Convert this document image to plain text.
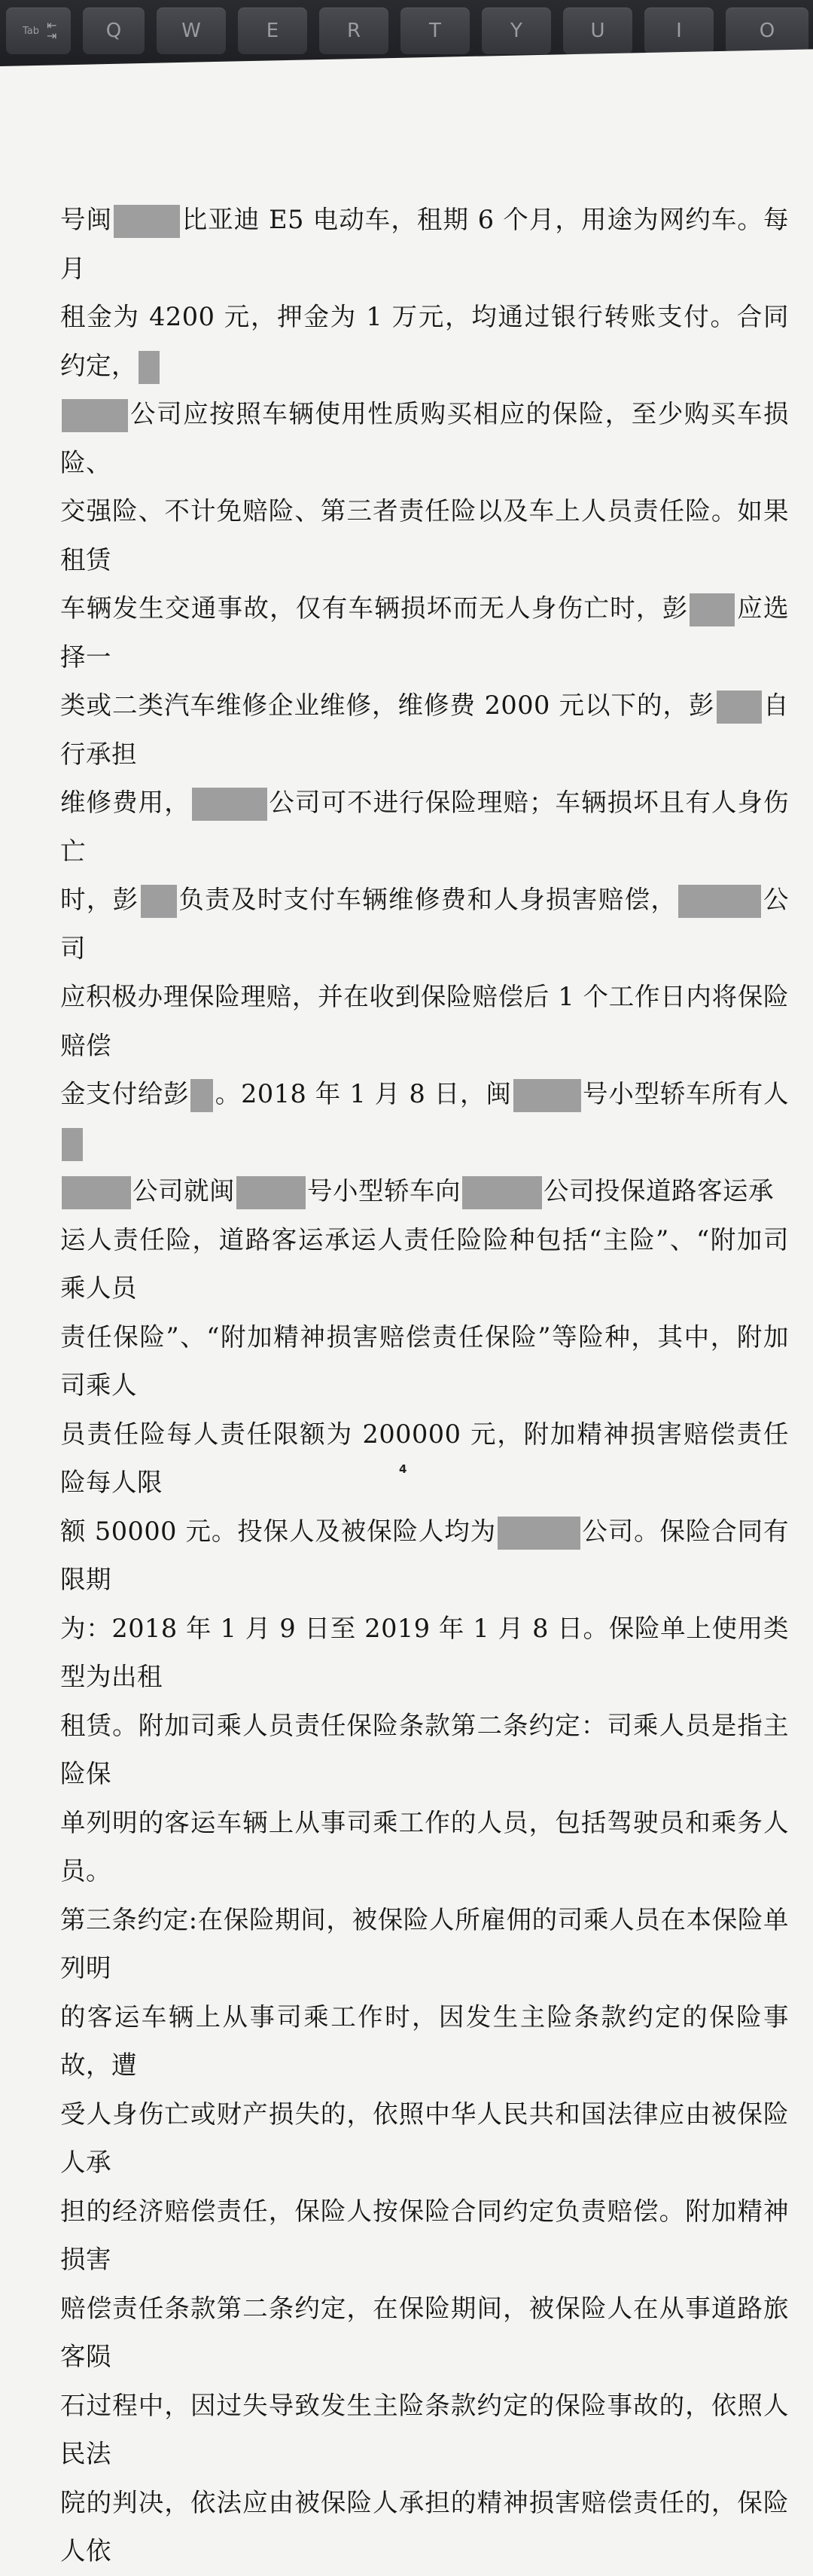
Tab ⇤
⇥	Q	W	E	R	T	Y	U	I	O
号闽	比亚迪 E5 电动车，租期 6 个月，用途为网约车。每月
租金为 4200 元，押金为 1 万元，均通过银行转账支付。合同约定，
公司应按照车辆使用性质购买相应的保险，至少购买车损险、
交强险、不计免赔险、第三者责任险以及车上人员责任险。如果租赁
车辆发生交通事故，仅有车辆损坏而无人身伤亡时，彭 应选择一
类或二类汽车维修企业维修，维修费 2000 元以下的，彭 自行承担
维修费用，	公司可不进行保险理赔；车辆损坏且有人身伤亡
时，彭 负责及时支付车辆维修费和人身损害赔偿，	公司
应积极办理保险理赔，并在收到保险赔偿后 1 个工作日内将保险赔偿
金支付给彭 。2018 年 1 月 8 日，闽	号小型轿车所有人
公司就闽	号小型轿车向	公司投保道路客运承
运人责任险，道路客运承运人责任险险种包括“主险”、“附加司乘人员
责任保险”、“附加精神损害赔偿责任保险”等险种，其中，附加司乘人
员责任险每人责任限额为 200000 元，附加精神损害赔偿责任险每人限
额 50000 元。投保人及被保险人均为	公司。保险合同有限期
为：2018 年 1 月 9 日至 2019 年 1 月 8 日。保险单上使用类型为出租
租赁。附加司乘人员责任保险条款第二条约定：司乘人员是指主险保
单列明的客运车辆上从事司乘工作的人员，包括驾驶员和乘务人员。
第三条约定:在保险期间，被保险人所雇佣的司乘人员在本保险单列明
的客运车辆上从事司乘工作时，因发生主险条款约定的保险事故，遭
受人身伤亡或财产损失的，依照中华人民共和国法律应由被保险人承
担的经济赔偿责任，保险人按保险合同约定负责赔偿。附加精神损害
赔偿责任条款第二条约定，在保险期间，被保险人在从事道路旅客陨
石过程中，因过失导致发生主险条款约定的保险事故的，依照人民法
院的判决，依法应由被保险人承担的精神损害赔偿责任的，保险人依
4
